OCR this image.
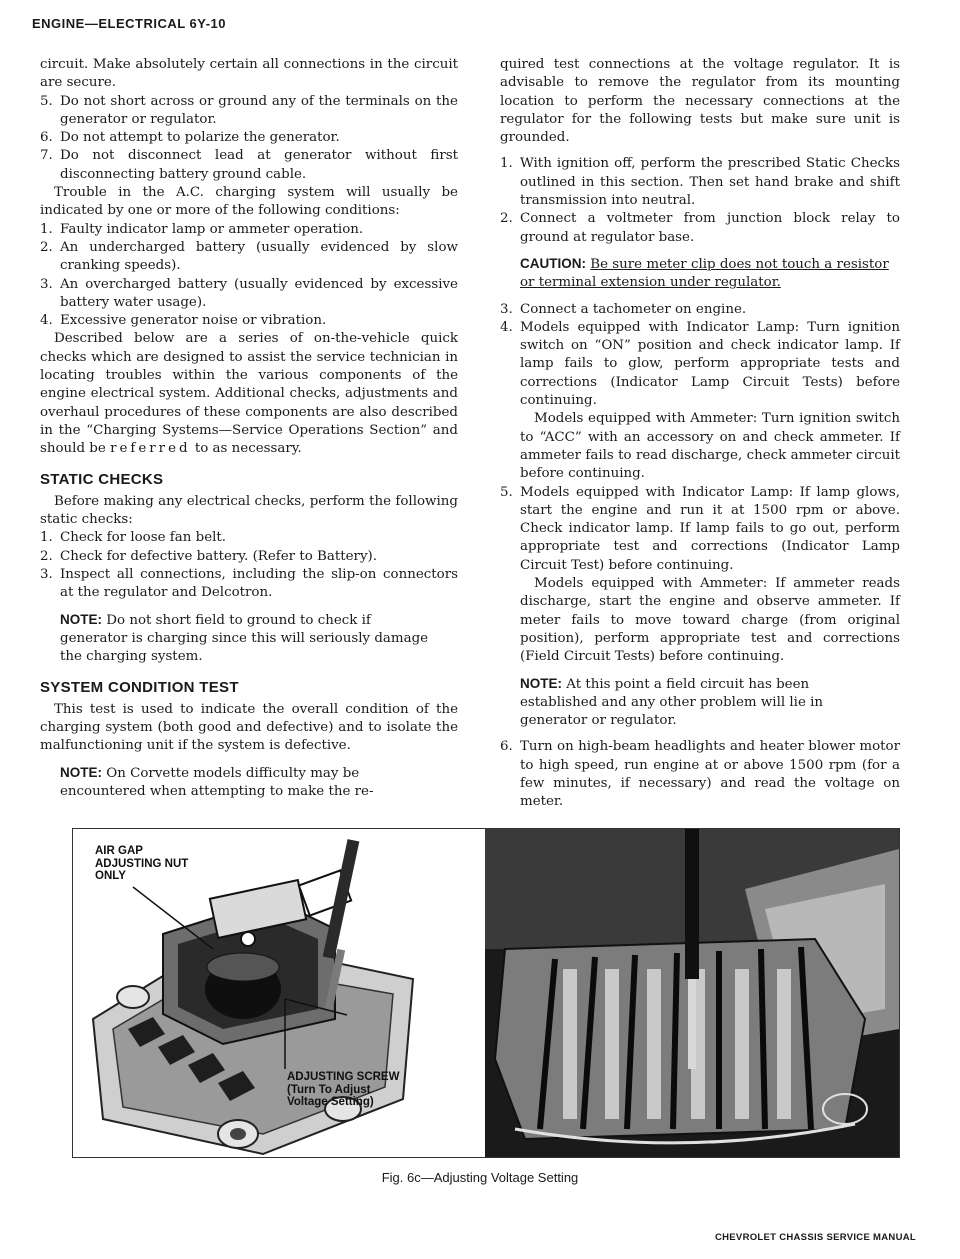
ENGINE—ELECTRICAL 6Y-10

circuit. Make absolutely certain all connections in the circuit are secure.

5. Do not short across or ground any of the terminals on the generator or regulator.
6. Do not attempt to polarize the generator.
7. Do not disconnect lead at generator without first disconnecting battery ground cable.

Trouble in the A.C. charging system will usually be indicated by one or more of the following conditions:

1. Faulty indicator lamp or ammeter operation.
2. An undercharged battery (usually evidenced by slow cranking speeds).
3. An overcharged battery (usually evidenced by excessive battery water usage).
4. Excessive generator noise or vibration.

Described below are a series of on-the-vehicle quick checks which are designed to assist the service technician in locating troubles within the various components of the engine electrical system. Additional checks, adjustments and overhaul procedures of these components are also described in the “Charging Systems—Service Operations Section” and should be referred to as necessary.

STATIC CHECKS

Before making any electrical checks, perform the following static checks:

1. Check for loose fan belt.
2. Check for defective battery. (Refer to Battery).
3. Inspect all connections, including the slip-on connectors at the regulator and Delcotron.
NOTE: Do not short field to ground to check if generator is charging since this will seriously damage the charging system.
SYSTEM CONDITION TEST

This test is used to indicate the overall condition of the charging system (both good and defective) and to isolate the malfunctioning unit if the system is defective.

NOTE: On Corvette models difficulty may be encountered when attempting to make the re-

quired test connections at the voltage regulator. It is advisable to remove the regulator from its mounting location to perform the necessary connections at the regulator for the following tests but make sure unit is grounded.

1. With ignition off, perform the prescribed Static Checks outlined in this section. Then set hand brake and shift transmission into neutral.
2. Connect a voltmeter from junction block relay to ground at regulator base.
CAUTION: Be sure meter clip does not touch a resistor or terminal extension under regulator.
3. Connect a tachometer on engine.
4. Models equipped with Indicator Lamp: Turn ignition switch on “ON” position and check indicator lamp. If lamp fails to glow, perform appropriate tests and corrections (Indicator Lamp Circuit Tests) before continuing.

Models equipped with Ammeter: Turn ignition switch to “ACC” with an accessory on and check ammeter. If ammeter fails to read discharge, check ammeter circuit before continuing.

5. Models equipped with Indicator Lamp: If lamp glows, start the engine and run it at 1500 rpm or above. Check indicator lamp. If lamp fails to go out, perform appropriate test and corrections (Indicator Lamp Circuit Test) before continuing.

Models equipped with Ammeter: If ammeter reads discharge, start the engine and observe ammeter. If meter fails to move toward charge (from original position), perform appropriate test and corrections (Field Circuit Tests) before continuing.

NOTE: At this point a field circuit has been established and any other problem will lie in generator or regulator.
6. Turn on high-beam headlights and heater blower motor to high speed, run engine at or above 1500 rpm (for a few minutes, if necessary) and read the voltage on meter.
AIR GAP
ADJUSTING NUT
ONLY
ADJUSTING SCREW
(Turn To Adjust
Voltage Setting)
Fig. 6c—Adjusting Voltage Setting
CHEVROLET CHASSIS SERVICE MANUAL
